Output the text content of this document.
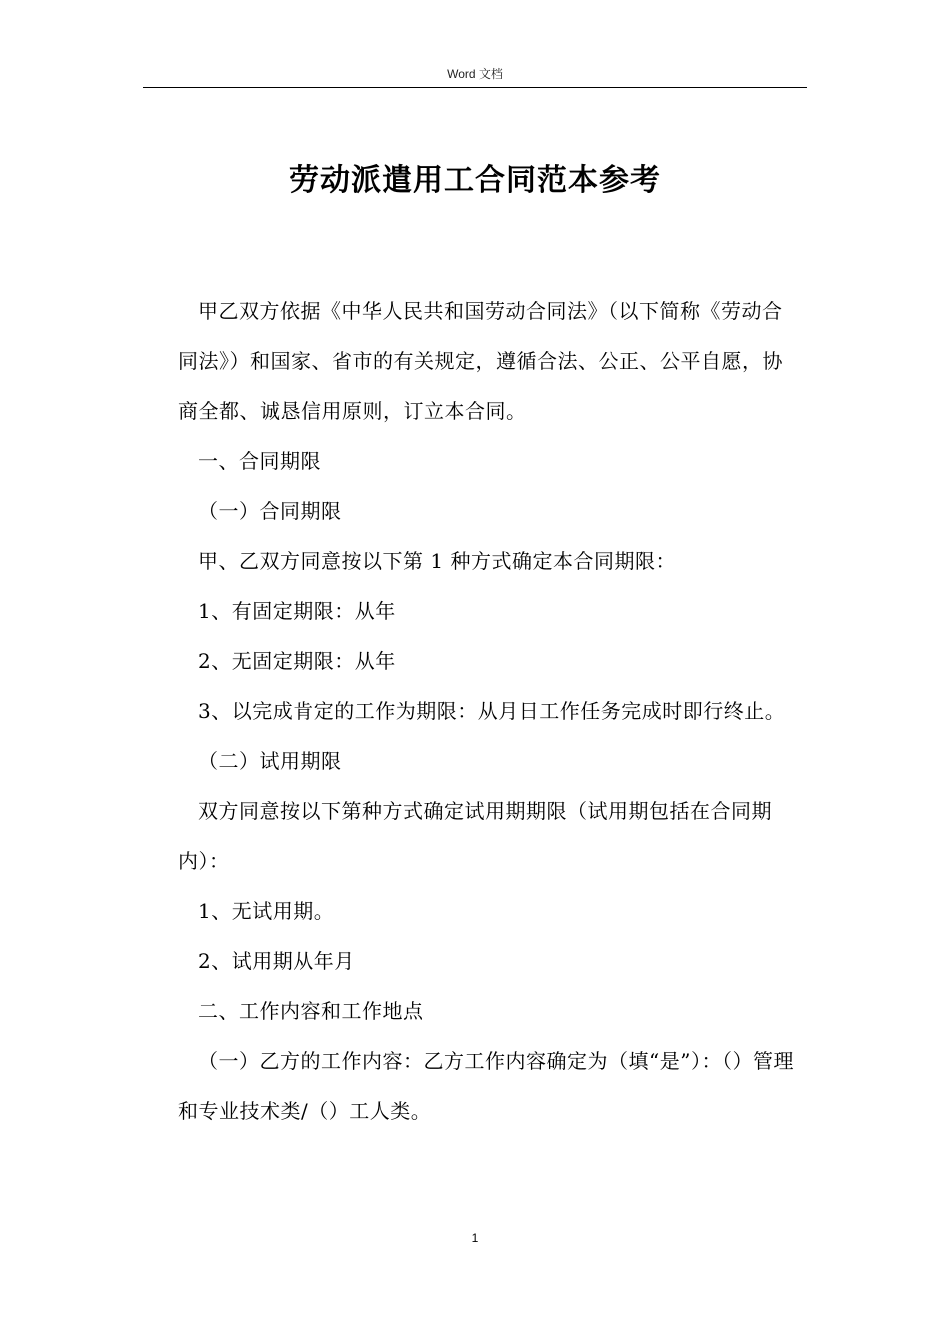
Word 文档
劳动派遣用工合同范本参考

甲乙双方依据《中华人民共和国劳动合同法》（以下简称《劳动合同法》）和国家、省市的有关规定，遵循合法、公正、公平自愿，协商全都、诚恳信用原则，订立本合同。

一、合同期限

（一）合同期限

甲、乙双方同意按以下第 1 种方式确定本合同期限：

1、有固定期限：从年

2、无固定期限：从年

3、以完成肯定的工作为期限：从月日工作任务完成时即行终止。

（二）试用期限

双方同意按以下第种方式确定试用期期限（试用期包括在合同期内）：

1、无试用期。

2、试用期从年月

二、工作内容和工作地点

（一）乙方的工作内容：乙方工作内容确定为（填“是”）：（）管理和专业技术类/（）工人类。

1
